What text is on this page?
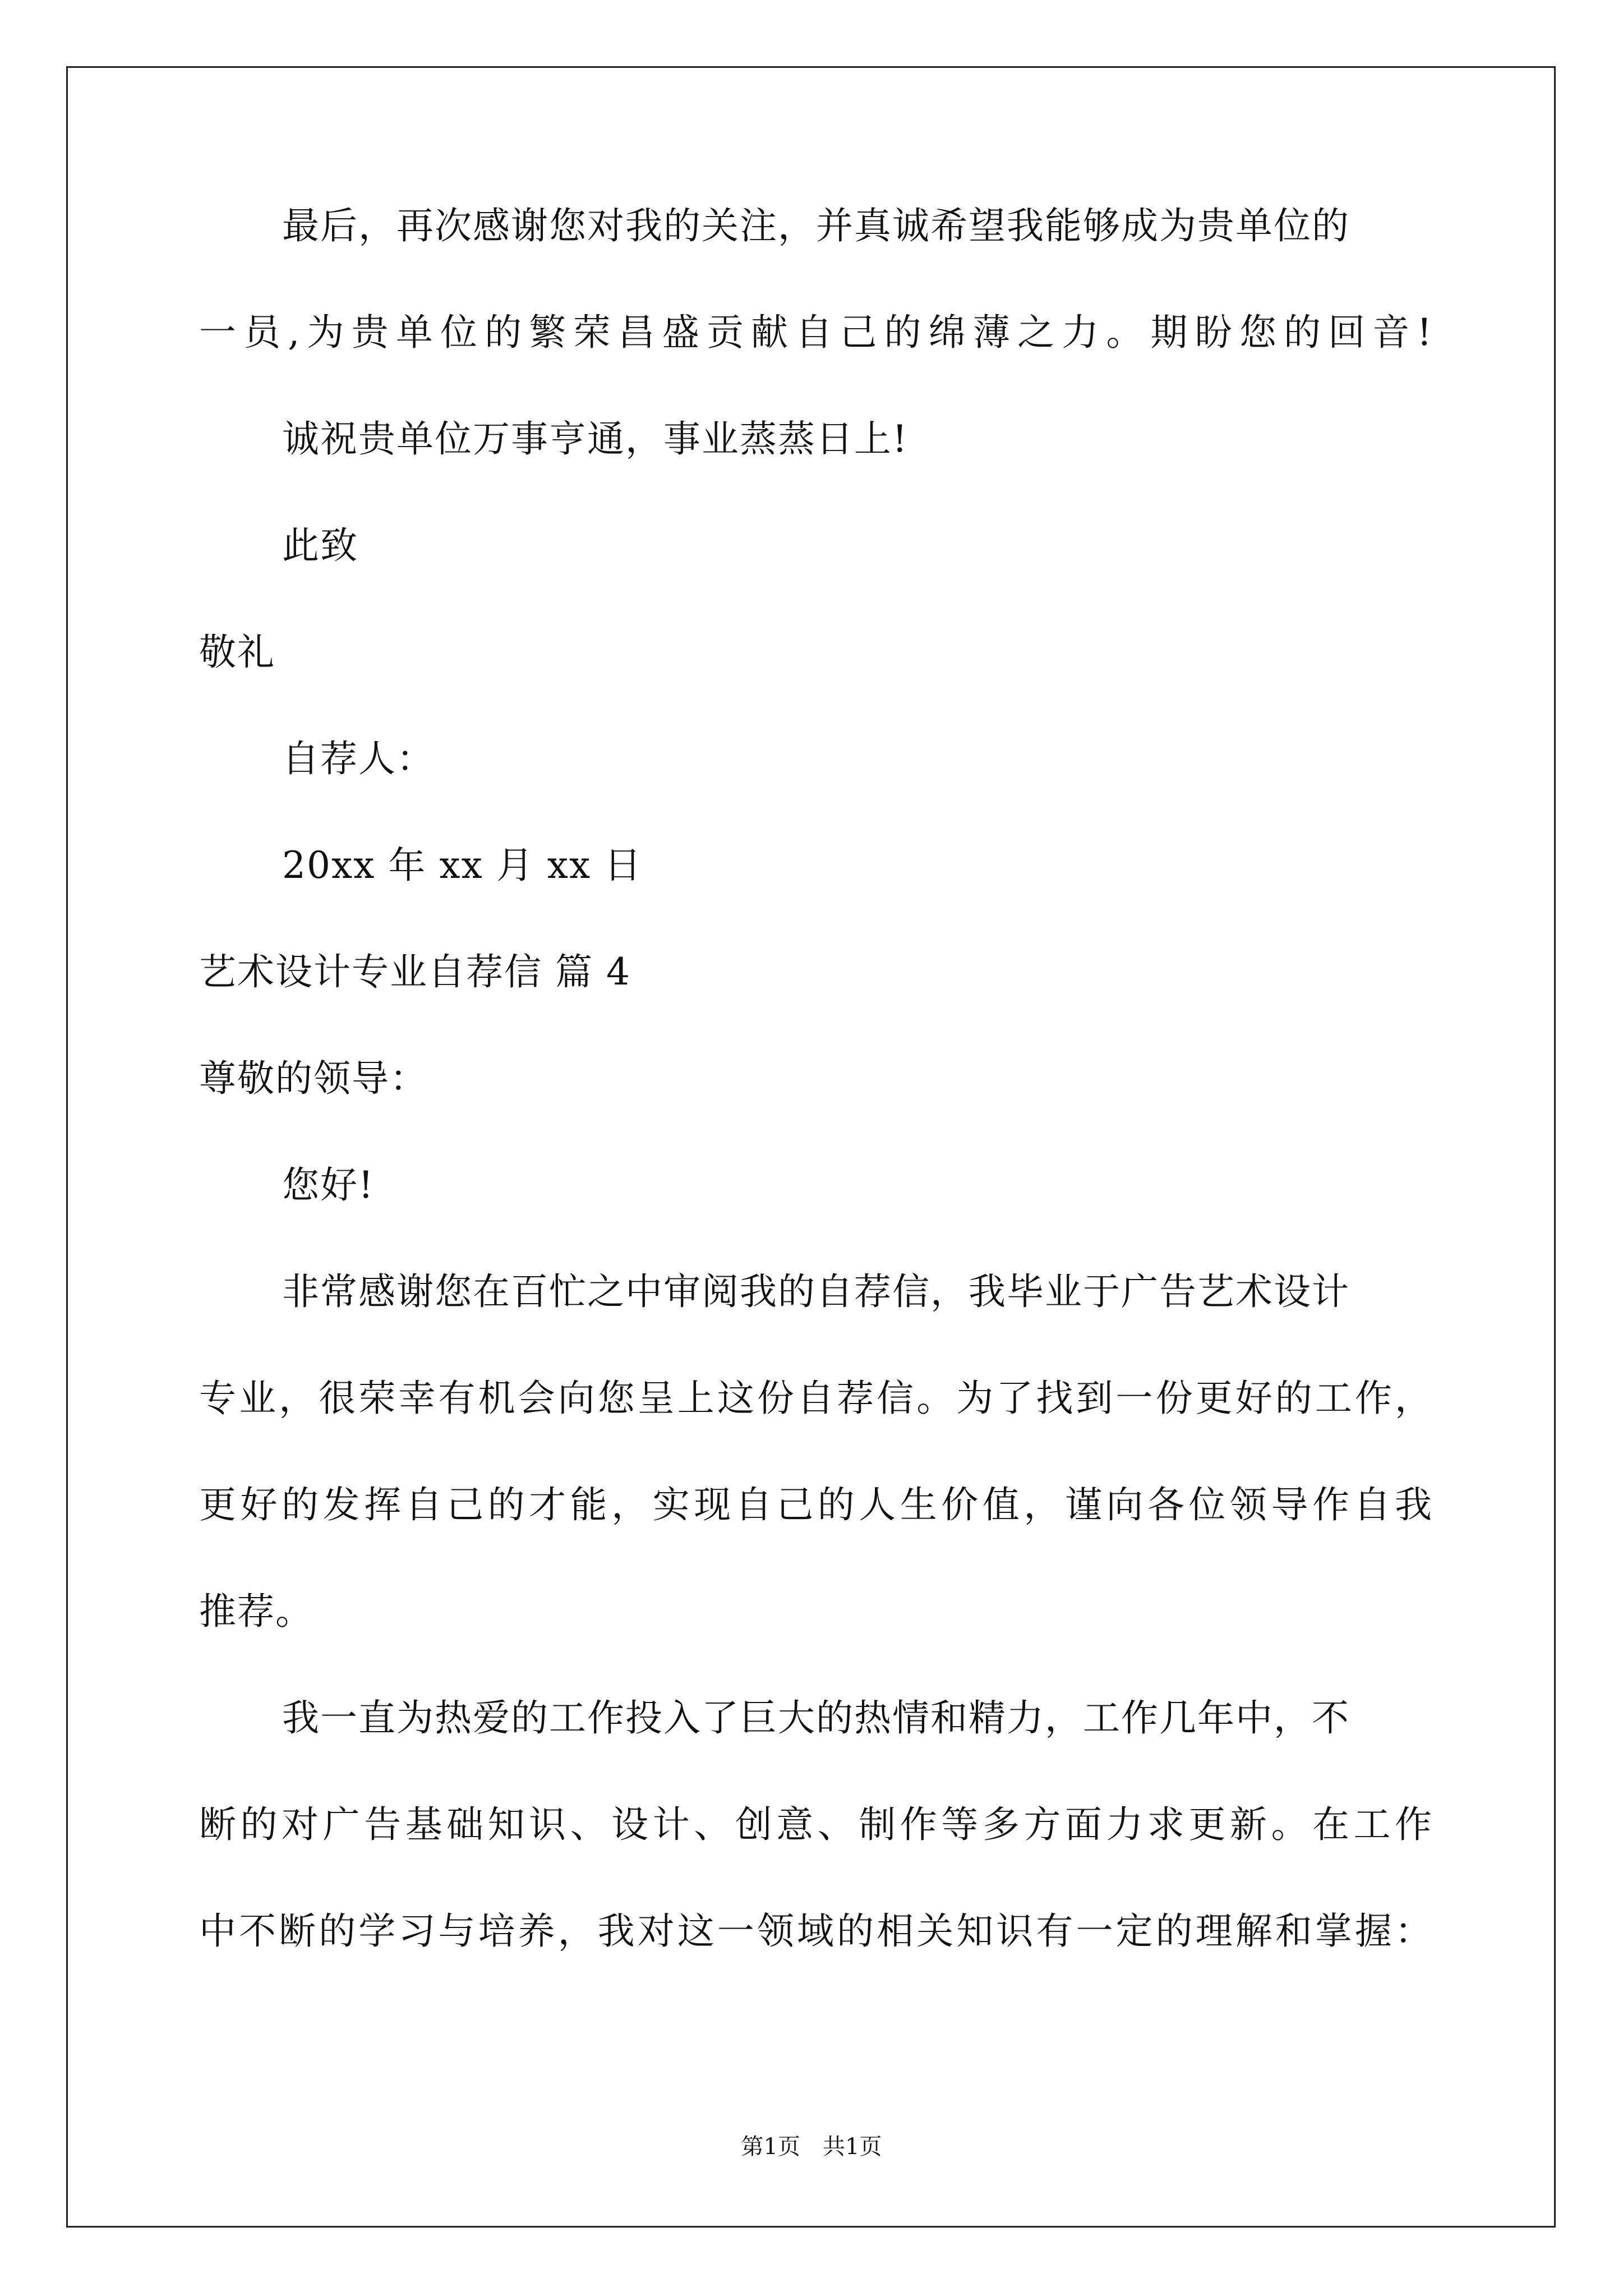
最后，再次感谢您对我的关注，并真诚希望我能够成为贵单位的
一员,为贵单位的繁荣昌盛贡献自己的绵薄之力。期盼您的回音!
诚祝贵单位万事亨通，事业蒸蒸日上!
此致
敬礼
自荐人：
20xx 年 xx 月 xx 日
艺术设计专业自荐信 篇 4
尊敬的领导：
您好!
非常感谢您在百忙之中审阅我的自荐信，我毕业于广告艺术设计
专业，很荣幸有机会向您呈上这份自荐信。为了找到一份更好的工作，
更好的发挥自己的才能，实现自己的人生价值，谨向各位领导作自我
推荐。
我一直为热爱的工作投入了巨大的热情和精力，工作几年中，不
断的对广告基础知识、设计、创意、制作等多方面力求更新。在工作
中不断的学习与培养，我对这一领域的相关知识有一定的理解和掌握：
第1页 共1页
